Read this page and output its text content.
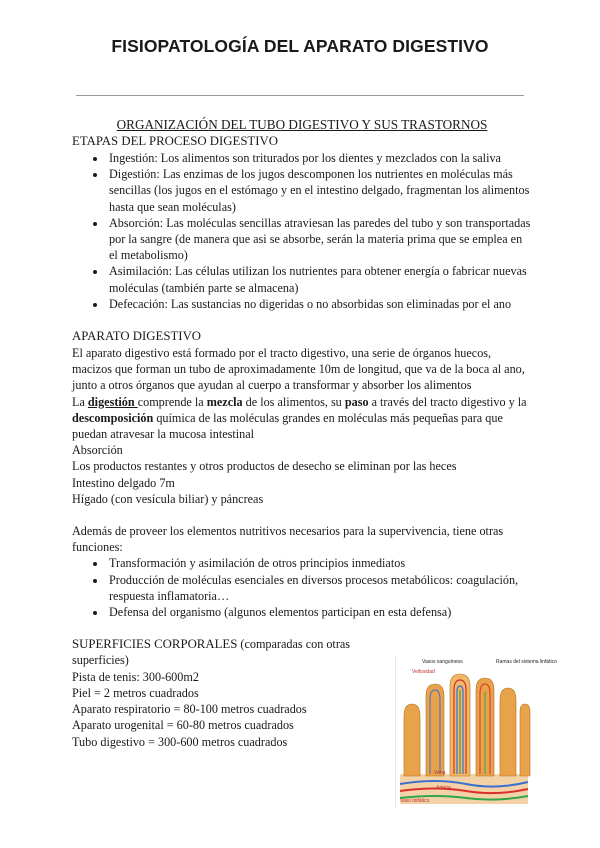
FISIOPATOLOGÍA DEL APARATO DIGESTIVO
ORGANIZACIÓN DEL TUBO DIGESTIVO Y SUS TRASTORNOS
ETAPAS DEL PROCESO DIGESTIVO
• Ingestión: Los alimentos son triturados por los dientes y mezclados con la saliva
• Digestión: Las enzimas de los jugos descomponen los nutrientes en moléculas más sencillas (los jugos en el estómago y en el intestino delgado, fragmentan los alimentos hasta que sean moléculas)
• Absorción: Las moléculas sencillas atraviesan las paredes del tubo y son transportadas por la sangre (de manera que asi se absorbe, serán la materia prima que se emplea en el metabolismo)
• Asimilación: Las células utilizan los nutrientes para obtener energía o fabricar nuevas moléculas (también parte se almacena)
• Defecación: Las sustancias no digeridas o no absorbidas son eliminadas por el ano
APARATO DIGESTIVO

El aparato digestivo está formado por el tracto digestivo, una serie de órganos huecos, macizos que forman un tubo de aproximadamente 10m de longitud, que va de la boca al ano, junto a otros órganos que ayudan al cuerpo a transformar y absorber los alimentos

La digestión comprende la mezcla de los alimentos, su paso a través del tracto digestivo y la descomposición química de las moléculas grandes en moléculas más pequeñas para que puedan atravesar la mucosa intestinal

Absorción

Los productos restantes y otros productos de desecho se eliminan por las heces

Intestino delgado 7m

Hígado (con vesícula biliar) y páncreas

Además de proveer los elementos nutritivos necesarios para la supervivencia, tiene otras funciones:

• Transformación y asimilación de otros principios inmediatos
• Producción de moléculas esenciales en diversos procesos metabólicos: coagulación, respuesta inflamatoria…
• Defensa del organismo (algunos elementos participan en esta defensa)

SUPERFICIES CORPORALES (comparadas con otras superficies)

Pista de tenis: 300-600m2

Piel = 2 metros cuadrados

Aparato respiratorio = 80-100 metros cuadrados

Aparato urogenital = 60-80 metros cuadrados

Tubo digestivo = 300-600 metros cuadrados

Vasos sanguíneos
Vellosidad
Ramas del sistema linfático
Vena
Arteria
Vaso linfático
